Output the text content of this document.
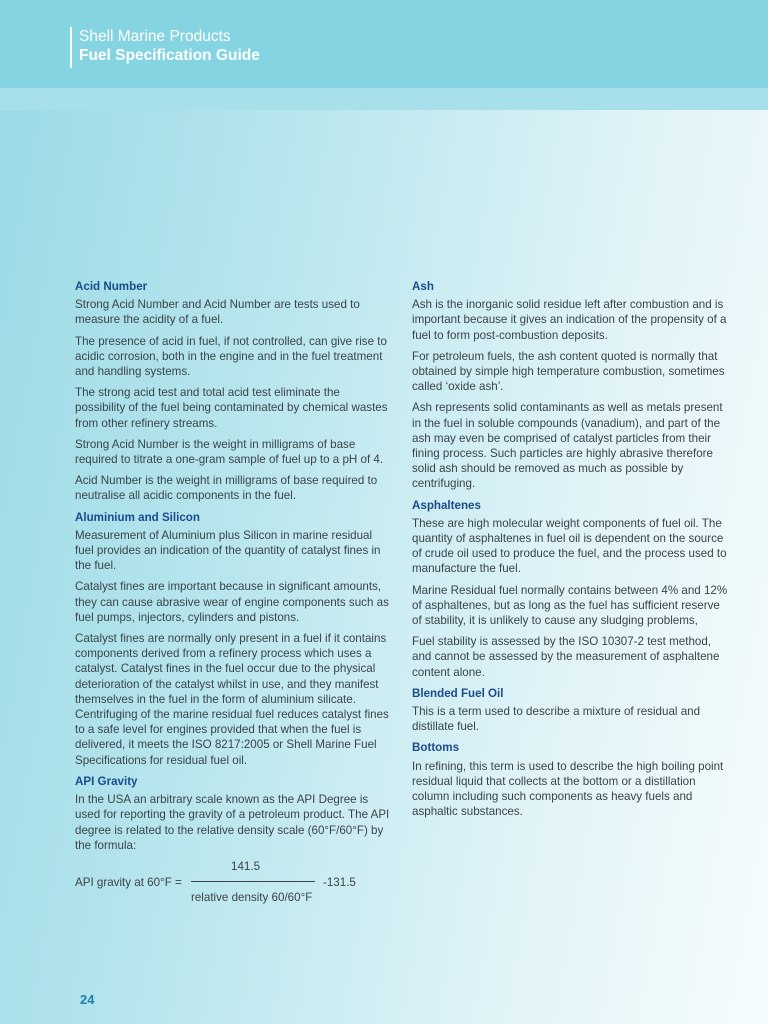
Shell Marine Products
Fuel Specification Guide
Acid Number

Strong Acid Number and Acid Number are tests used to measure the acidity of a fuel.

The presence of acid in fuel, if not controlled, can give rise to acidic corrosion, both in the engine and in the fuel treatment and handling systems.

The strong acid test and total acid test eliminate the possibility of the fuel being contaminated by chemical wastes from other refinery streams.

Strong Acid Number is the weight in milligrams of base required to titrate a one-gram sample of fuel up to a pH of 4.

Acid Number is the weight in milligrams of base required to neutralise all acidic components in the fuel.

Aluminium and Silicon

Measurement of Aluminium plus Silicon in marine residual fuel provides an indication of the quantity of catalyst fines in the fuel.

Catalyst fines are important because in significant amounts, they can cause abrasive wear of engine components such as fuel pumps, injectors, cylinders and pistons.

Catalyst fines are normally only present in a fuel if it contains components derived from a refinery process which uses a catalyst. Catalyst fines in the fuel occur due to the physical deterioration of the catalyst whilst in use, and they manifest themselves in the fuel in the form of aluminium silicate. Centrifuging of the marine residual fuel reduces catalyst fines to a safe level for engines provided that when the fuel is delivered, it meets the ISO 8217:2005 or Shell Marine Fuel Specifications for residual fuel oil.

API Gravity

In the USA an arbitrary scale known as the API Degree is used for reporting the gravity of a petroleum product. The API degree is related to the relative density scale (60°F/60°F) by the formula:

API gravity at 60°F =
141.5
relative density 60/60°F
-131.5
Ash

Ash is the inorganic solid residue left after combustion and is important because it gives an indication of the propensity of a fuel to form post-combustion deposits.

For petroleum fuels, the ash content quoted is normally that obtained by simple high temperature combustion, sometimes called ‘oxide ash’.

Ash represents solid contaminants as well as metals present in the fuel in soluble compounds (vanadium), and part of the ash may even be comprised of catalyst particles from their fining process. Such particles are highly abrasive therefore solid ash should be removed as much as possible by centrifuging.

Asphaltenes

These are high molecular weight components of fuel oil. The quantity of asphaltenes in fuel oil is dependent on the source of crude oil used to produce the fuel, and the process used to manufacture the fuel.

Marine Residual fuel normally contains between 4% and 12% of asphaltenes, but as long as the fuel has sufficient reserve of stability, it is unlikely to cause any sludging problems,

Fuel stability is assessed by the ISO 10307-2 test method, and cannot be assessed by the measurement of asphaltene content alone.

Blended Fuel Oil

This is a term used to describe a mixture of residual and distillate fuel.

Bottoms

In refining, this term is used to describe the high boiling point residual liquid that collects at the bottom or a distillation column including such components as heavy fuels and asphaltic substances.

24
